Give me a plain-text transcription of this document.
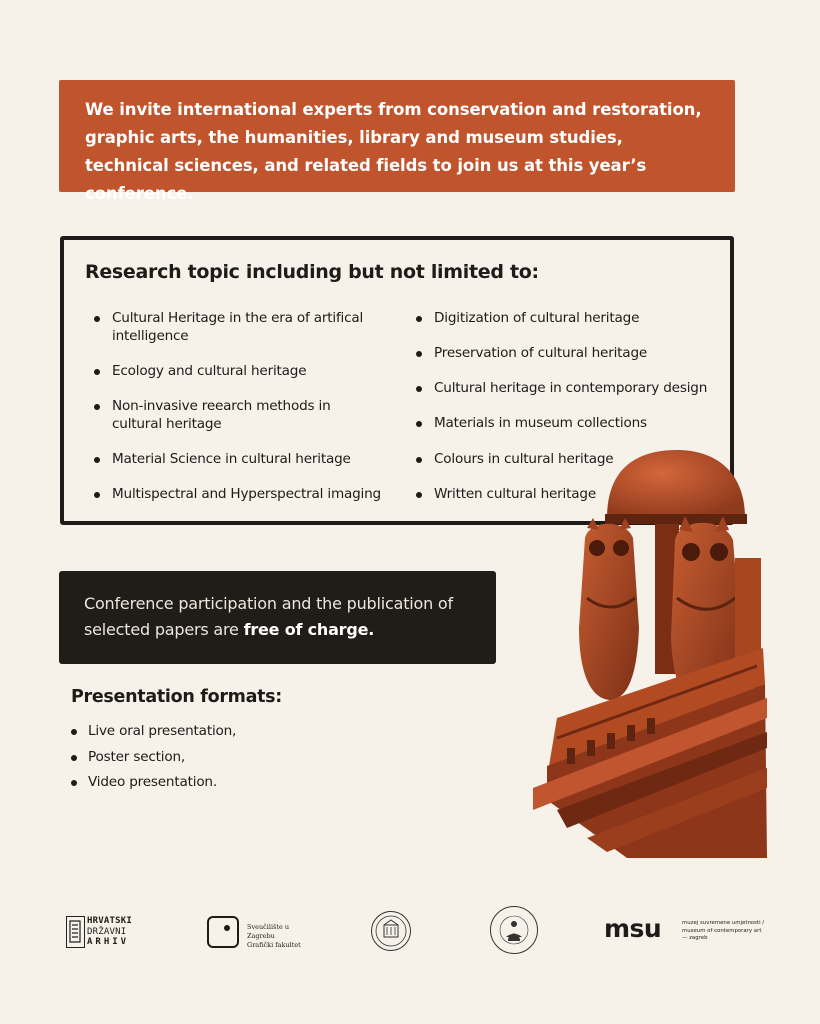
We invite international experts from conservation and restoration, graphic arts, the humanities, library and museum studies, technical sciences, and related fields to join us at this year’s conference.
Research topic including but not limited to:
Cultural Heritage in the era of artifical intelligence
Ecology and cultural heritage
Non-invasive reearch methods in cultural heritage
Material Science in cultural heritage
Multispectral and Hyperspectral imaging
Digitization of cultural heritage
Preservation of cultural heritage
Cultural heritage in contemporary design
Materials in museum collections
Colours in cultural heritage
Written cultural heritage
Conference participation and the publication of selected papers are free of charge.
Presentation formats:
Live oral presentation,
Poster section,
Video presentation.
HRVATSKI
DRŽAVNI
ARHIV
Sveučilište u Zagrebu
Grafički fakultet
msu	muzej suvremene umjetnosti /
museum of contemporary art
— zagreb
